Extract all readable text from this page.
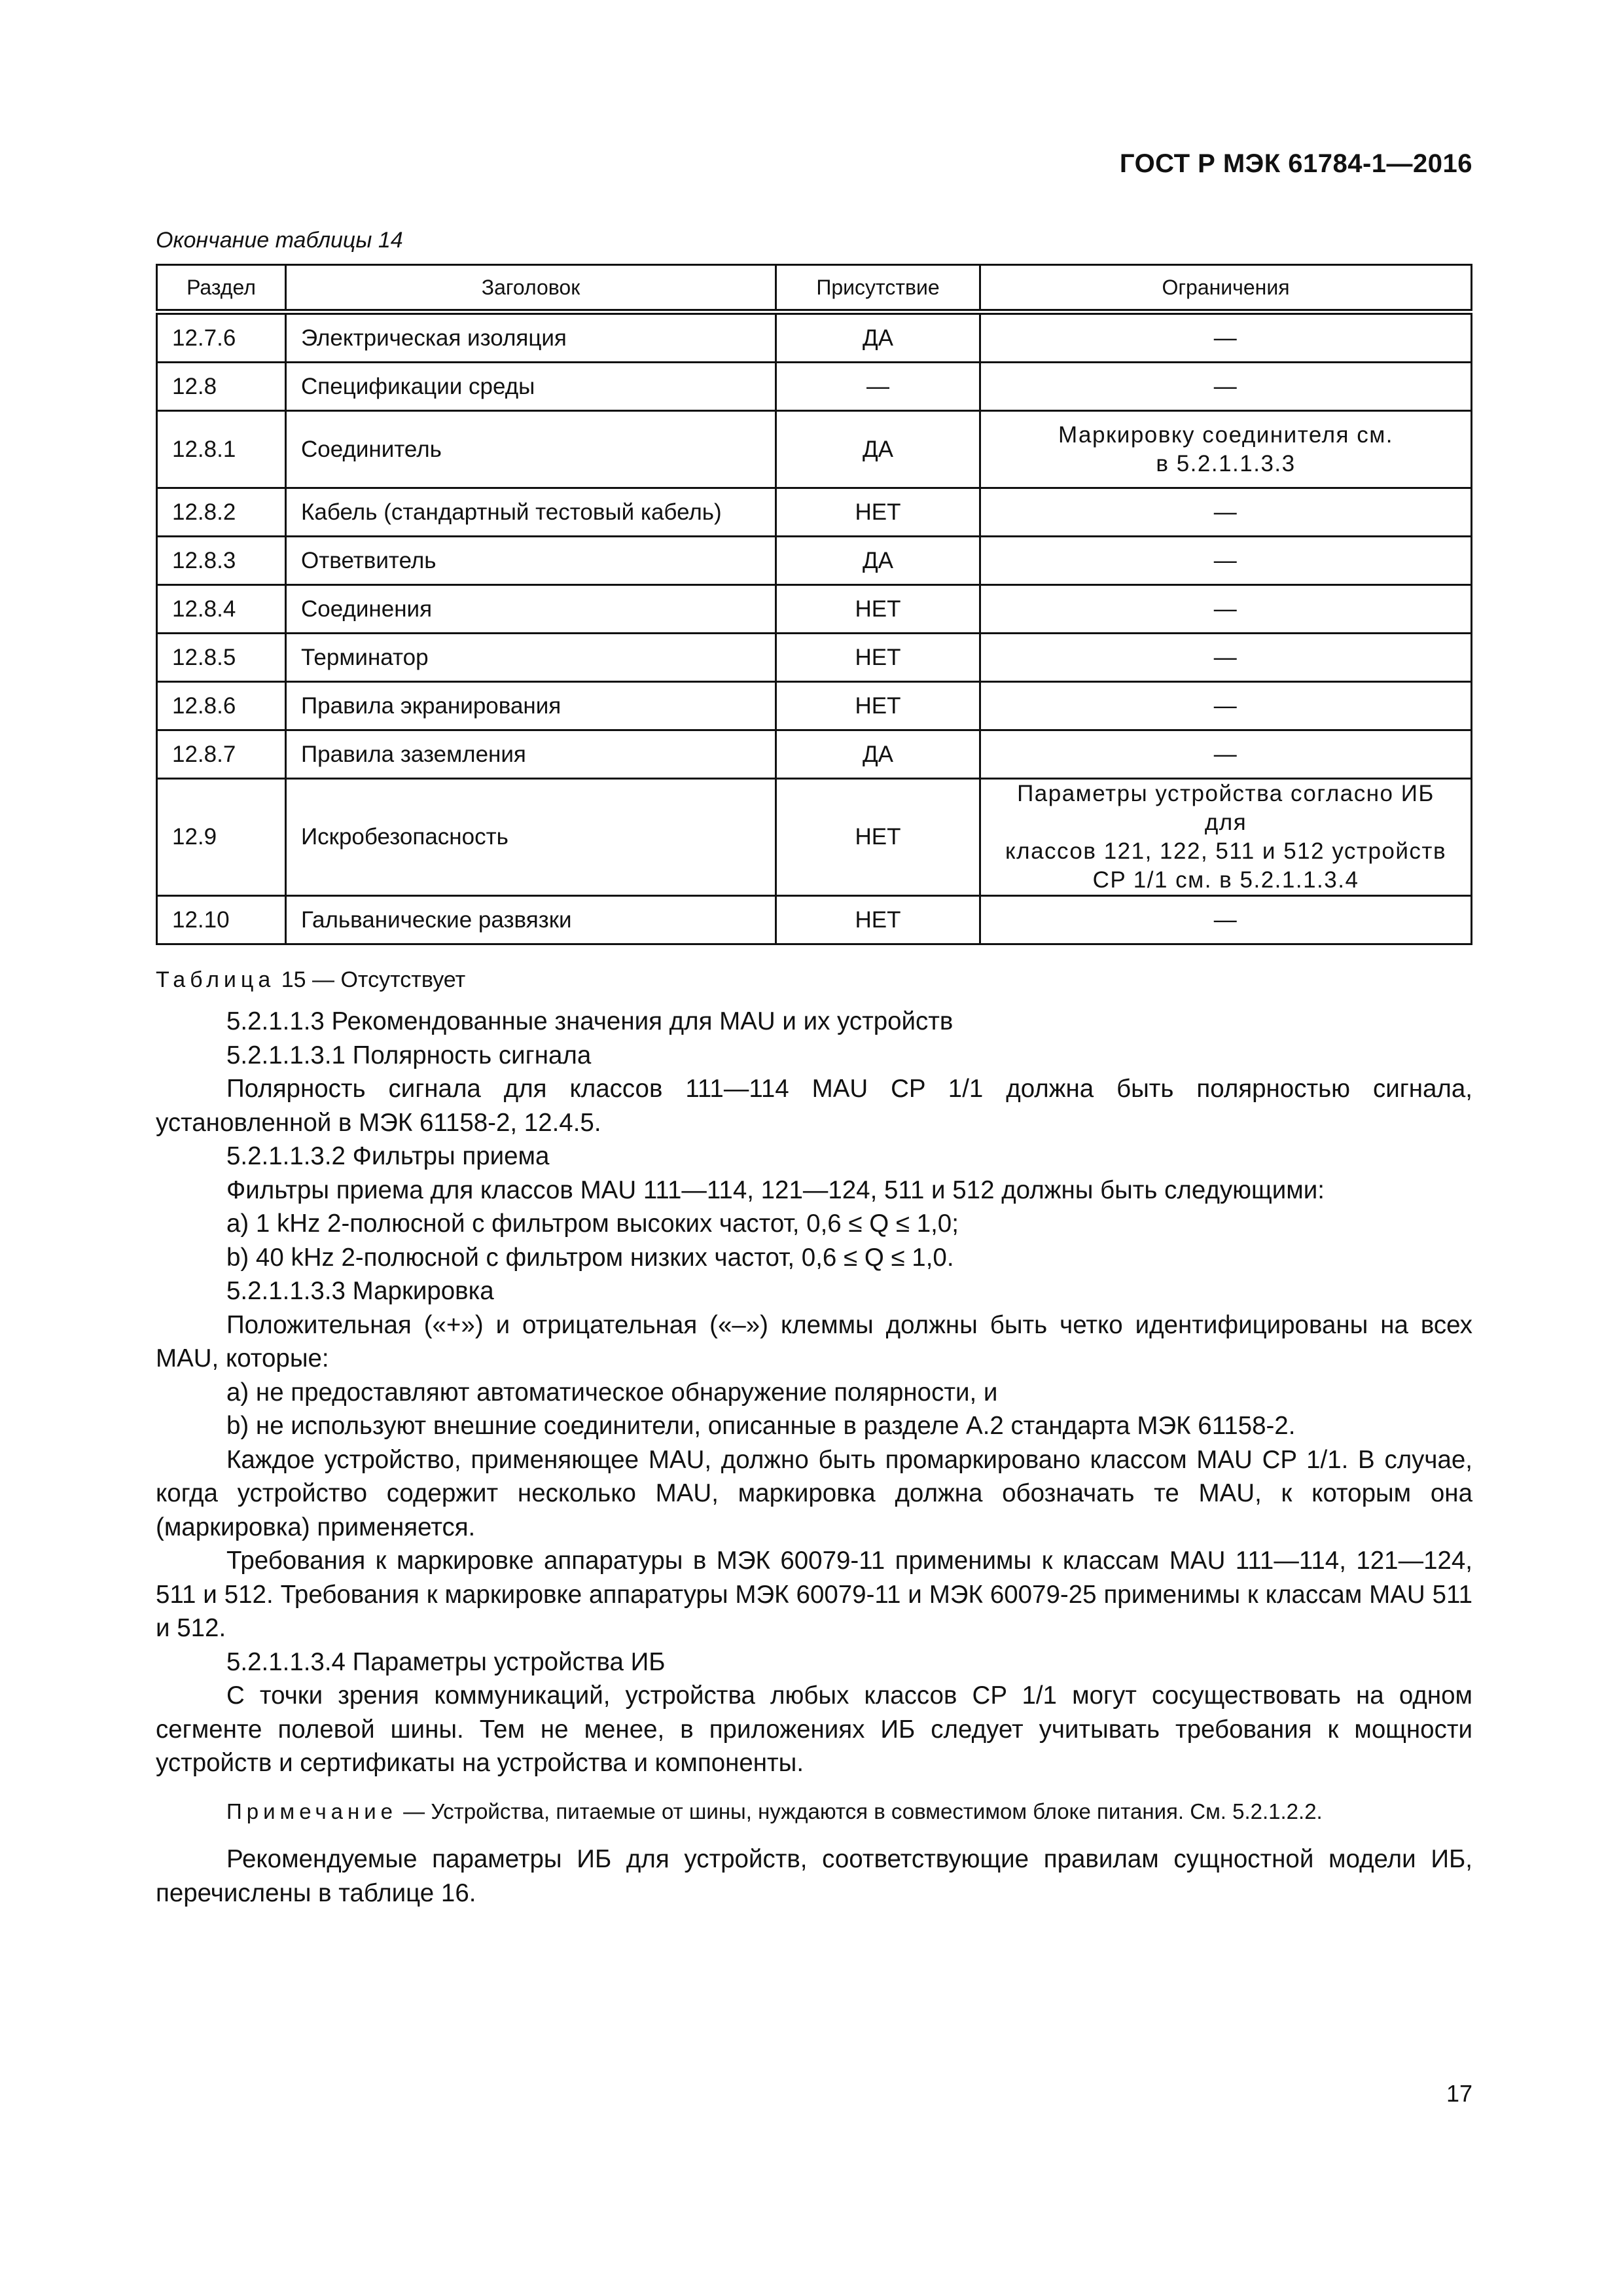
ГОСТ Р МЭК 61784-1—2016
Окончание таблицы 14
Раздел	Заголовок	Присутствие	Ограничения
12.7.6	Электрическая изоляция	ДА	—
12.8	Спецификации среды	—	—
12.8.1	Соединитель	ДА	Маркировку соединителя см.
в 5.2.1.1.3.3
12.8.2	Кабель (стандартный тестовый кабель)	НЕТ	—
12.8.3	Ответвитель	ДА	—
12.8.4	Соединения	НЕТ	—
12.8.5	Терминатор	НЕТ	—
12.8.6	Правила экранирования	НЕТ	—
12.8.7	Правила заземления	ДА	—
12.9	Искробезопасность	НЕТ	Параметры устройства согласно ИБ для
классов 121, 122, 511 и 512 устройств
CP 1/1 см. в 5.2.1.1.3.4
12.10	Гальванические развязки	НЕТ	—
Таблица 15 — Отсутствует

5.2.1.1.3 Рекомендованные значения для MAU и их устройств

5.2.1.1.3.1 Полярность сигнала

Полярность сигнала для классов 111—114 MAU CP 1/1 должна быть полярностью сигнала, установленной в МЭК 61158-2, 12.4.5.

5.2.1.1.3.2 Фильтры приема

Фильтры приема для классов MAU 111—114, 121—124, 511 и 512 должны быть следующими:

а) 1 kHz 2-полюсной с фильтром высоких частот, 0,6 ≤ Q ≤ 1,0;

b) 40 kHz 2-полюсной с фильтром низких частот, 0,6 ≤ Q ≤ 1,0.

5.2.1.1.3.3 Маркировка

Положительная («+») и отрицательная («–») клеммы должны быть четко идентифицированы на всех MAU, которые:

а) не предоставляют автоматическое обнаружение полярности, и

b) не используют внешние соединители, описанные в разделе А.2 стандарта МЭК 61158-2.

Каждое устройство, применяющее MAU, должно быть промаркировано классом MAU CP 1/1. В случае, когда устройство содержит несколько MAU, маркировка должна обозначать те MAU, к которым она (маркировка) применяется.

Требования к маркировке аппаратуры в МЭК 60079-11 применимы к классам MAU 111—114, 121—124, 511 и 512. Требования к маркировке аппаратуры МЭК 60079-11 и МЭК 60079-25 применимы к классам MAU 511 и 512.

5.2.1.1.3.4 Параметры устройства ИБ

С точки зрения коммуникаций, устройства любых классов CP 1/1 могут сосуществовать на одном сегменте полевой шины. Тем не менее, в приложениях ИБ следует учитывать требования к мощности устройств и сертификаты на устройства и компоненты.

Примечание — Устройства, питаемые от шины, нуждаются в совместимом блоке питания. См. 5.2.1.2.2.

Рекомендуемые параметры ИБ для устройств, соответствующие правилам сущностной модели ИБ, перечислены в таблице 16.

17
